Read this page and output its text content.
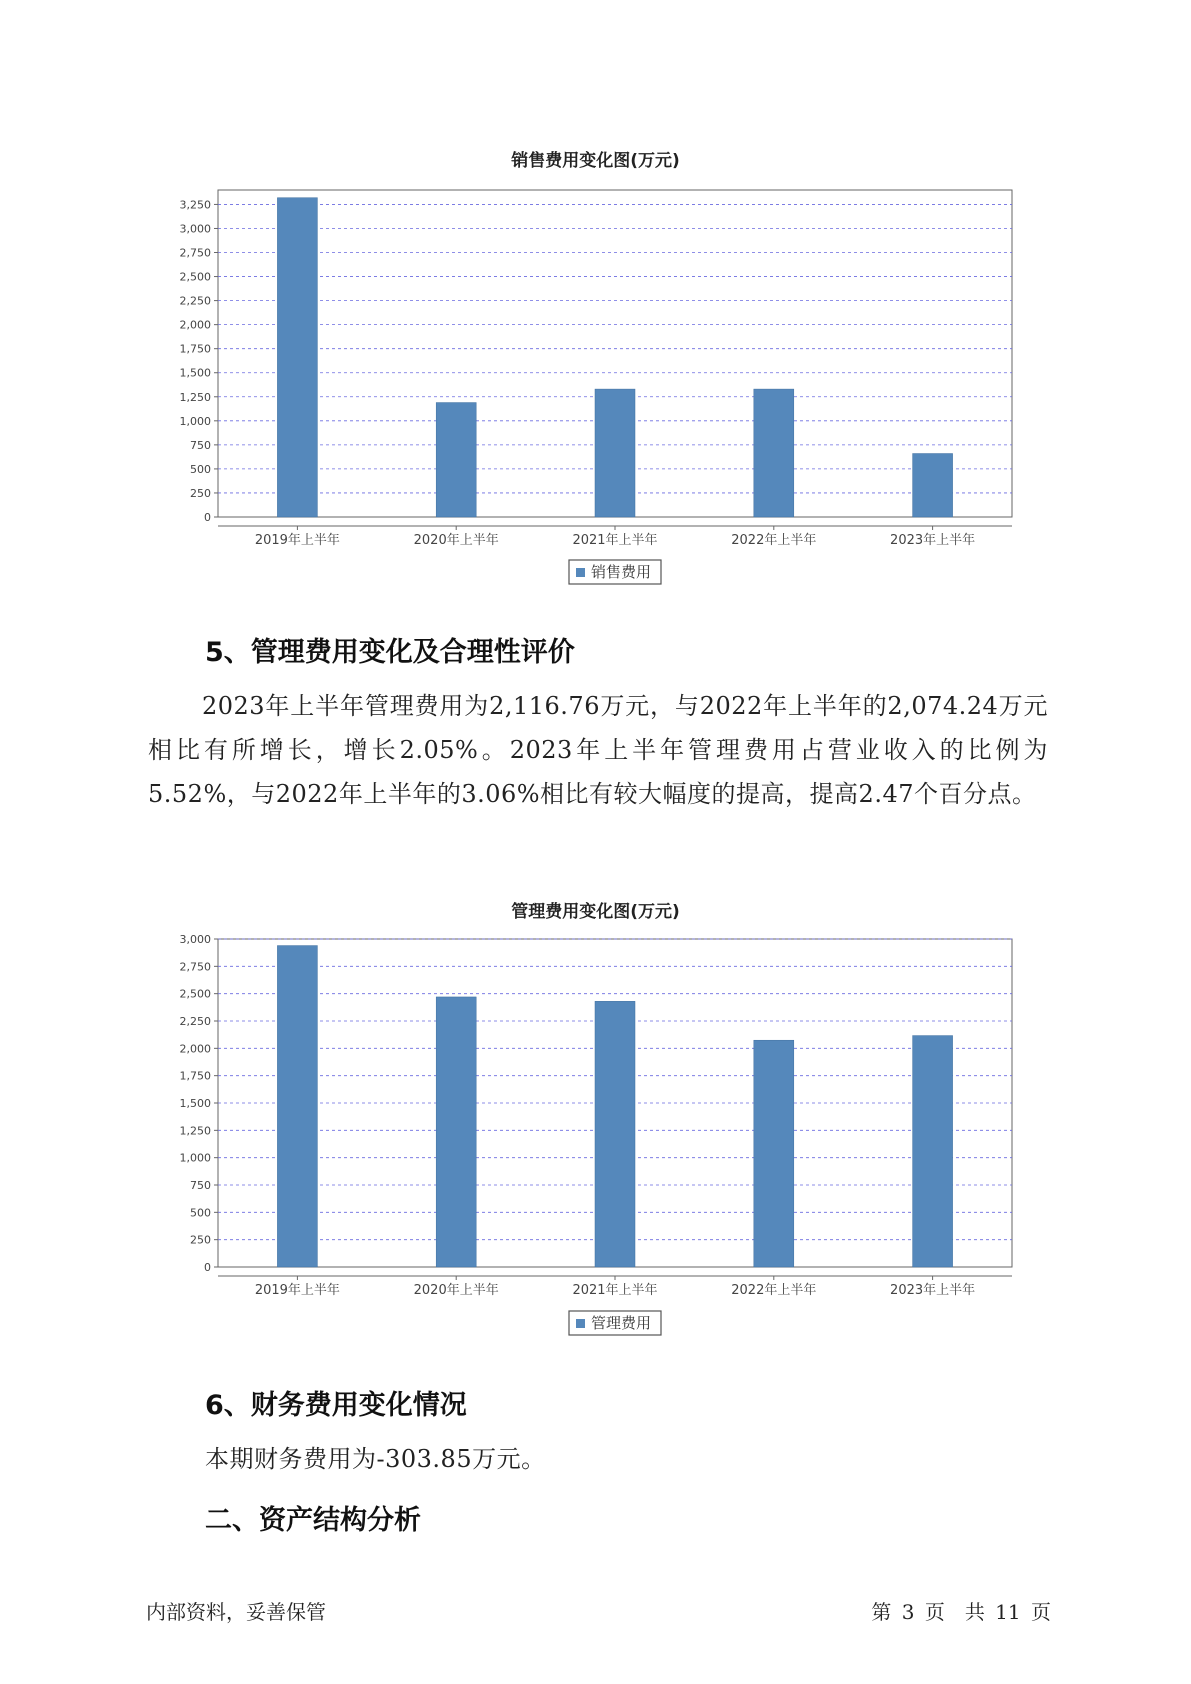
销售费用变化图(万元)
0
250
500
750
1,000
1,250
1,500
1,750
2,000
2,250
2,500
2,750
3,000
3,250
2019年上半年	2020年上半年	2021年上半年	2022年上半年	2023年上半年
销售费用
5、管理费用变化及合理性评价
2023年上半年管理费用为2,116.76万元，与2022年上半年的2,074.24万元相比有所增长，增长2.05%。2023年上半年管理费用占营业收入的比例为5.52%，与2022年上半年的3.06%相比有较大幅度的提高，提高2.47个百分点。
管理费用变化图(万元)
0
250
500
750
1,000
1,250
1,500
1,750
2,000
2,250
2,500
2,750
3,000
2019年上半年	2020年上半年	2021年上半年	2022年上半年	2023年上半年
管理费用
6、财务费用变化情况
本期财务费用为-303.85万元。
二、资产结构分析
内部资料，妥善保管	第 3 页　共 11 页
